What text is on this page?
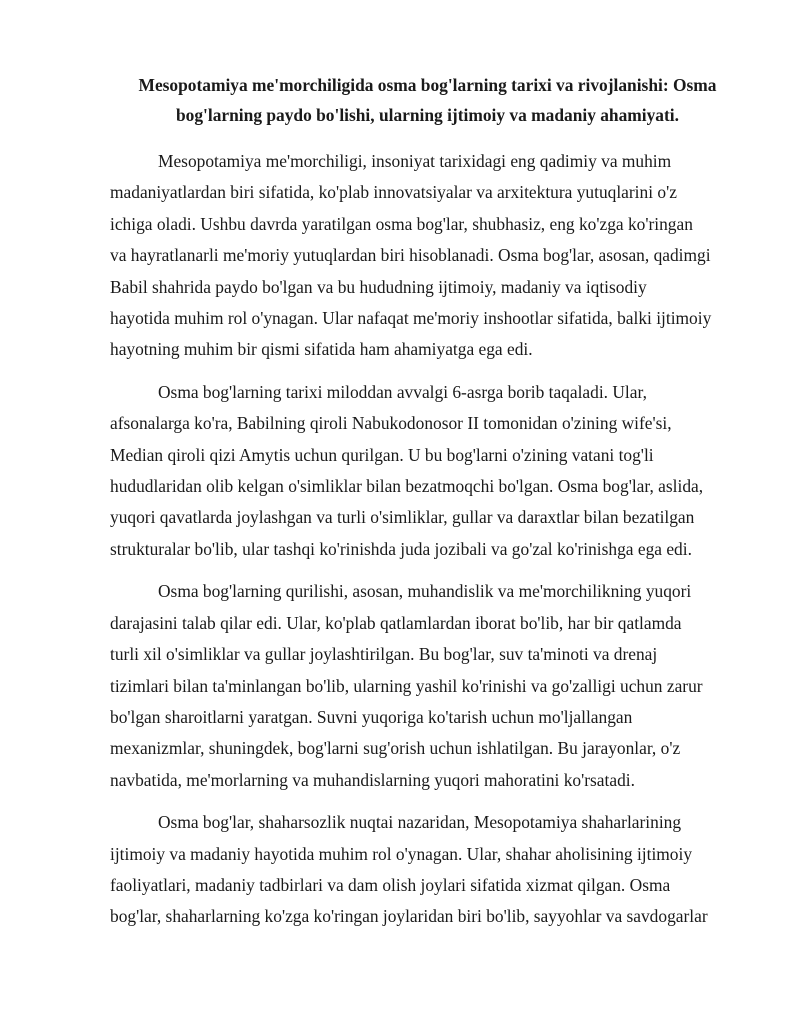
Mesopotamiya me'morchiligida osma bog'larning tarixi va rivojlanishi: Osma
bog'larning paydo bo'lishi, ularning ijtimoiy va madaniy ahamiyati.

Mesopotamiya me'morchiligi, insoniyat tarixidagi eng qadimiy va muhim
madaniyatlardan biri sifatida, ko'plab innovatsiyalar va arxitektura yutuqlarini o'z
ichiga oladi. Ushbu davrda yaratilgan osma bog'lar, shubhasiz, eng ko'zga ko'ringan
va hayratlanarli me'moriy yutuqlardan biri hisoblanadi. Osma bog'lar, asosan, qadimgi
Babil shahrida paydo bo'lgan va bu hududning ijtimoiy, madaniy va iqtisodiy
hayotida muhim rol o'ynagan. Ular nafaqat me'moriy inshootlar sifatida, balki ijtimoiy
hayotning muhim bir qismi sifatida ham ahamiyatga ega edi.

Osma bog'larning tarixi miloddan avvalgi 6-asrga borib taqaladi. Ular,
afsonalarga ko'ra, Babilning qiroli Nabukodonosor II tomonidan o'zining wife'si,
Median qiroli qizi Amytis uchun qurilgan. U bu bog'larni o'zining vatani tog'li
hududlaridan olib kelgan o'simliklar bilan bezatmoqchi bo'lgan. Osma bog'lar, aslida,
yuqori qavatlarda joylashgan va turli o'simliklar, gullar va daraxtlar bilan bezatilgan
strukturalar bo'lib, ular tashqi ko'rinishda juda jozibali va go'zal ko'rinishga ega edi.

Osma bog'larning qurilishi, asosan, muhandislik va me'morchilikning yuqori
darajasini talab qilar edi. Ular, ko'plab qatlamlardan iborat bo'lib, har bir qatlamda
turli xil o'simliklar va gullar joylashtirilgan. Bu bog'lar, suv ta'minoti va drenaj
tizimlari bilan ta'minlangan bo'lib, ularning yashil ko'rinishi va go'zalligi uchun zarur
bo'lgan sharoitlarni yaratgan. Suvni yuqoriga ko'tarish uchun mo'ljallangan
mexanizmlar, shuningdek, bog'larni sug'orish uchun ishlatilgan. Bu jarayonlar, o'z
navbatida, me'morlarning va muhandislarning yuqori mahoratini ko'rsatadi.

Osma bog'lar, shaharsozlik nuqtai nazaridan, Mesopotamiya shaharlarining
ijtimoiy va madaniy hayotida muhim rol o'ynagan. Ular, shahar aholisining ijtimoiy
faoliyatlari, madaniy tadbirlari va dam olish joylari sifatida xizmat qilgan. Osma
bog'lar, shaharlarning ko'zga ko'ringan joylaridan biri bo'lib, sayyohlar va savdogarlar
